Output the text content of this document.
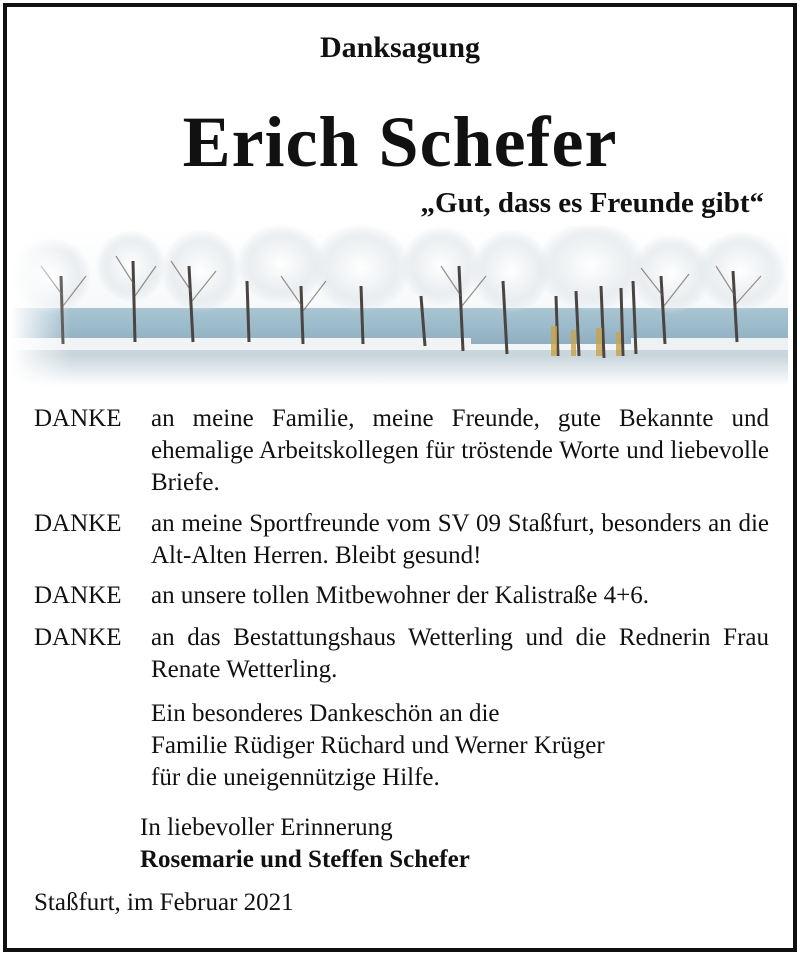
Danksagung
Erich Schefer
„Gut, dass es Freunde gibt“
DANKE	an meine Familie, meine Freunde, gute Bekannte und ehemalige Arbeitskollegen für tröstende Worte und liebevolle Briefe.
DANKE	an meine Sportfreunde vom SV 09 Staßfurt, besonders an die Alt-Alten Herren. Bleibt gesund!
DANKE	an unsere tollen Mitbewohner der Kalistraße 4+6.
DANKE	an das Bestattungshaus Wetterling und die Rednerin Frau Renate Wetterling.
Ein besonderes Dankeschön an die
Familie Rüdiger Rüchard und Werner Krüger
für die uneigennützige Hilfe.
In liebevoller Erinnerung
Rosemarie und Steffen Schefer
Staßfurt, im Februar 2021
